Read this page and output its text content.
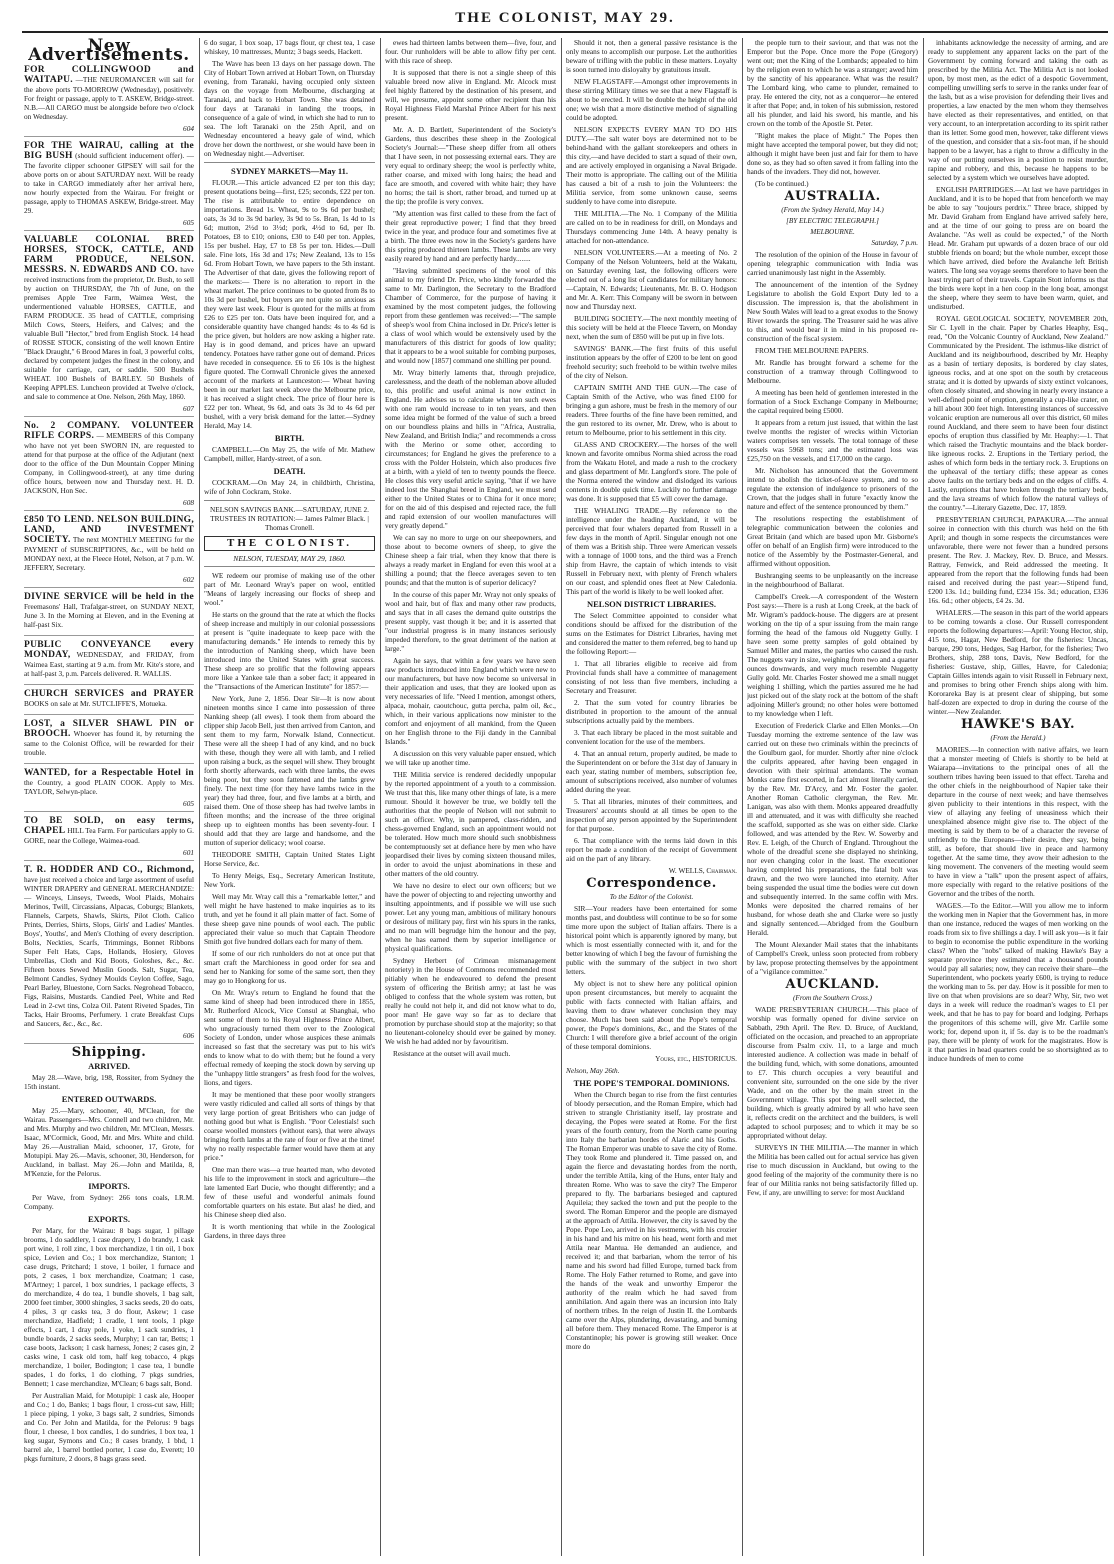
THE COLONIST, MAY 29.
New Advertisements.

FOR COLLINGWOOD and WAITAPU. —THE NEUROMANCER will sail for the above ports TO-MORROW (Wednesday), positively. For freight or passage, apply to T. ASKEW, Bridge-street. N.B.—All CARGO must be alongside before two o'clock on Wednesday.

604

FOR THE WAIRAU, calling at the BIG BUSH (should sufficient inducement offer). —The favorite clipper schooner GIPSEY will sail for the above ports on or about SATURDAY next. Will be ready to take in CARGO immediately after her arrival here, now hourly expected from the Wairau. For freight or passage, apply to THOMAS ASKEW, Bridge-street. May 29.

605

VALUABLE COLONIAL BRED HORSES, STOCK, CATTLE, AND FARM PRODUCE, NELSON. MESSRS. N. EDWARDS AND CO. have received instructions from the proprietor, Dr. Bush, to sell by auction on THURSDAY, the 7th of June, on the premises Apple Tree Farm, Waimea West, the undermentioned valuable HORSES, CATTLE, and FARM PRODUCE. 35 head of CATTLE, comprising Milch Cows, Steers, Heifers, and Calves; and the valuable Bull "Hector," bred from English Stock. 14 head of ROSSE STOCK, consisting of the well known Entire "Black Draught," 6 Brood Mares in foal, 3 powerful colts, declared by competent judges the finest in the colony, and suitable for carriage, cart, or saddle. 500 Bushels WHEAT. 100 Bushels of BARLEY. 50 Bushels of Keeping APPLES. Luncheon provided at Twelve o'clock, and sale to commence at One. Nelson, 26th May, 1860.

607

No. 2 COMPANY. VOLUNTEER RIFLE CORPS. — MEMBERS of this Company who have not yet been SWORN IN, are requested to attend for that purpose at the office of the Adjutant (next door to the office of the Dun Mountain Copper Mining Company, in Collingwood-street), at any time during office hours, between now and Thursday next. H. D. JACKSON, Hon Sec.

608

£850 TO LEND. NELSON BUILDING, LAND, AND INVESTMENT SOCIETY. The next MONTHLY MEETING for the PAYMENT of SUBSCRIPTIONS, &c., will be held on MONDAY next, at the Fleece Hotel, Nelson, at 7 p.m. W. JEFFERY, Secretary.

602

DIVINE SERVICE will be held in the Freemasons' Hall, Trafalgar-street, on SUNDAY NEXT, June 3. In the Morning at Eleven, and in the Evening at half-past Six.

PUBLIC CONVEYANCE every MONDAY, WEDNESDAY, and FRIDAY, from Waimea East, starting at 9 a.m. from Mr. Kite's store, and at half-past 3, p.m. Parcels delivered. R. WALLIS.

CHURCH SERVICES and PRAYER BOOKS on sale at Mr. SUTCLIFFE'S, Motueka.

LOST, a SILVER SHAWL PIN or BROOCH. Whoever has found it, by returning the same to the Colonist Office, will be rewarded for their trouble.

WANTED, for a Respectable Hotel in the Country, a good PLAIN COOK. Apply to Mrs. TAYLOR, Selwyn-place.

605

TO BE SOLD, on easy terms, CHAPEL HILL Tea Farm. For particulars apply to G. GORE, near the College, Waimea-road.

601

T. R. HODDER AND CO., Richmond, have just received a choice and large assortment of useful WINTER DRAPERY and GENERAL MERCHANDIZE:— Winceys, Linseys, Tweeds, Wool Plaids, Mohairs Merinos, Twill, Circassians, Alpacas, Coburgs; Blankets, Flannels, Carpets, Shawls, Skirts, Pilot Cloth. Calico Prints, Derries, Shirts, Slops, Girls' and Ladies' Mantles. Boys', Youths', and Men's Clothing of every description. Bolts, Neckties, Scarfs, Trimmings, Bonnet Ribbons Super Felt Hats, Caps, Hollands, Hosiery, Gloves Umbrellas, Cloth and Kid Boots, Goloshes, &c., &c. Fifteen boxes Sewed Muslin Goods. Salt, Sugar, Tea, Belmont Candles, Sydney Moulds Ceylon Coffee, Sago, Pearl Barley, Bluestone, Corn Sacks. Negrohead Tobacco, Figs, Raisins, Mustards. Candied Peel, White and Red Lead in 2-cwt tins, Colza Oil. Patent Riveted Spades, Tin Tacks, Hair Brooms, Perfumery. 1 crate Breakfast Cups and Saucers, &c., &c., &c.

606
Shipping.
ARRIVED.

May 28.—Wave, brig, 198, Rossiter, from Sydney the 15th instant.

ENTERED OUTWARDS.

May 25.—Mary, schooner, 40, M'Clean, for the Wairau. Passengers—Mrs. Connell and two children, Mr. and Mrs. Murphy and two children, Mr. M'Clean, Messrs. Isaac, M'Cormick, Good, Mr. and Mrs. White and child. May 26.—Australian Maid, schooner, 17, Grote, for Motupipi. May 26.—Mavis, schooner, 30, Henderson, for Auckland, in ballast. May 26.—John and Matilda, 8, M'Kenzie, for the Pelorus.

IMPORTS.

Per Wave, from Sydney: 266 tons coals, I.R.M. Company.

EXPORTS.

Per Mary, for the Wairau: 8 bags sugar, 1 pillage brooms, 1 do saddlery, 1 case drapery, 1 do brandy, 1 cask port wine, 1 roll zinc, 1 box merchandize, 1 tin oil, 1 box spice, Levien and Co.; 1 box merchandize, Stanton; 1 case drugs, Pritchard; 1 stove, 1 boiler, 1 furnace and pots, 2 cases, 1 box merchandize, Coatman; 1 case, M'Artney; 1 parcel, 1 box sundries, 1 package effects, 3 do merchandize, 4 do tea, 1 bundle shovels, 1 bag salt, 2000 feet timber, 3000 shingles, 3 sacks seeds, 20 do oats, 4 piles, 3 qr casks tea, 3 do flour, Askew; 1 case merchandize, Hadfield; 1 cradle, 1 tent tools, 1 pkge effects, 1 cart, 1 dray pole, 1 yoke, 1 sack sundries, 1 bundle boards, 2 sacks seeds, Murphy; 1 can tar, Betts; 1 case boots, Jackson; 1 cask harness, Jones; 2 cases gin, 2 casks wine, 1 cask old tom, half keg tobacco, 4 pkgs merchandize, 1 boiler, Bodington; 1 case tea, 1 bundle spades, 1 do forks, 1 do clothing, 7 pkgs sundries, Bennett; 1 case merchandize, M'Clean; 6 bags salt, Bond.

Per Australian Maid, for Motupipi: 1 cask ale, Hooper and Co.; 1 do, Banks; 1 bags flour, 1 cross-cut saw, Hill; 1 piece piping, 1 yoke, 3 bags salt, 2 sundries, Simonds and Co. Per John and Matilda, for the Pelorus: 9 bags flour, 1 cheese, 1 box candles, 1 do sundries, 1 box tea, 1 keg sugar, Symons and Co.; 8 cases brandy, 1 bhd, 1 barrel ale, 1 barrel bottled porter, 1 case do, Everett; 10 pkgs furniture, 2 doors, 8 bags grass seed.

6 do sugar, 1 box soap, 17 bags flour, qr chest tea, 1 case whiskey, 10 mattresses, Muntz; 3 bags seeds, Hackett.

The Wave has been 13 days on her passage down. The City of Hobart Town arrived at Hobart Town, on Thursday evening, from Taranaki, having occupied only sixteen days on the voyage from Melbourne, discharging at Taranaki, and back to Hobart Town. She was detained four days at Taranaki in landing the troops, in consequence of a gale of wind, in which she had to run to sea. The loft Taranaki on the 25th April, and on Wednesday encountered a heavy gale of wind, which drove her down the northwest, or she would have been in on Wednesday night.—Advertiser.

SYDNEY MARKETS—May 11.

FLOUR.—This article advanced £2 per ton this day; present quotations being—first, £25; seconds, £22 per ton. The rise is attributable to entire dependence on importations. Bread 1s. Wheat, 9s to 9s 6d per bushel; oats, 3s 3d to 3s 9d barley, 3s 9d to 5s. Bran, 1s 4d to 1s 6d; mutton, 2½d to 3½d; pork, 4½d to 6d, per lb. Potatoes, £8 to £10; onions, £30 to £40 per ton. Apples, 15s per bushel. Hay, £7 to £8 5s per ton. Hides.—Dull sale. Fine lots, 16s 3d and 17s; New Zealand, 13s to 15s 6d. From Hobart Town, we have papers to the 5th instant. The Advertiser of that date, gives the following report of the markets:— There is no alteration to report in the wheat market. The price continues to be quoted from 8s to 10s 3d per bushel, but buyers are not quite so anxious as they were last week. Flour is quoted for the mills at from £26 to £25 per ton. Oats have been inquired for, and a considerable quantity have changed hands: 4s to 4s 6d is the price given, but holders are now asking a higher rate. Hay is in good demand, and prices have an upward tendency. Potatoes have rather gone out of demand. Prices have receded in consequence. £6 to £6 10s is the highest figure quoted. The Cornwall Chronicle gives the annexed account of the markets at Launceston:— Wheat having been in our market last week above the Melbourne price, it has received a slight check. The price of flour here is £22 per ton. Wheat, 9s 6d, and oats 3s 3d to 4s 6d per bushel, with a very brisk demand for the latter.—Sydney Herald, May 14.

BIRTH.

CAMPBELL.—On May 25, the wife of Mr. Mathew Campbell, miller, Hardy-street, of a son.

DEATH.

COCKRAM.—On May 24, in childbirth, Christina, wife of John Cockram, Stoke.

NELSON SAVINGS BANK.—SATURDAY, JUNE 2. TRUSTEES IN ROTATION:— James Palmer Black. | Thomas Cronell.

THE COLONIST.
NELSON, TUESDAY, MAY 29, 1860.

WE redeem our promise of making use of the other part of Mr. Leonard Wray's paper on wool, entitled "Means of largely increasing our flocks of sheep and wool."

He starts on the ground that the rate at which the flocks of sheep increase and multiply in our colonial possessions at present is "quite inadequate to keep pace with the manufacturing demands." He intends to remedy this by the introduction of Nanking sheep, which have been introduced into the United States with great success. These sheep are so prolific that the following appears more like a Yankee tale than a sober fact; it appeared in the "Transactions of the American Institute" for 1857:—

New York, June 2, 1856. Dear Sir—It is now about nineteen months since I came into possession of three Nanking sheep (all ewes). I took them from aboard the clipper ship Jacob Bell, just then arrived from Canton, and sent them to my farm, Norwalk Island, Connecticut. These were all the sheep I had of any kind, and no buck with these, though they were all with lamb, and I relied upon raising a buck, as the sequel will shew. They brought forth shortly afterwards, each with three lambs, the ewes being poor, but they soon fattened and the lambs grew finely. The next time (for they have lambs twice in the year) they had three, four, and five lambs at a birth, and raised them. One of those sheep has had twelve lambs in fifteen months; and the increase of the three original sheep up to eighteen months has been seventy-four. I should add that they are large and handsome, and the mutton of superior delicacy; wool coarse.

THEODORE SMITH, Captain United States Light Horse Service, &c.

To Henry Meigs, Esq., Secretary American Institute, New York.

Well may Mr. Wray call this a "remarkable letter," and well might he have hastened to make inquiries as to its truth, and yet he found it all plain matter of fact. Some of these sheep gave nine pounds of wool each. The public appreciated their value so much that Captain Theodore Smith got five hundred dollars each for many of them.

If some of our rich runholders do not at once put that smart craft the Marchioness in good order for sea and send her to Nanking for some of the same sort, then they may go to Hongkong for us.

On Mr. Wray's return to England he found that the same kind of sheep had been introduced there in 1855, Mr. Rutherford Alcock, Vice Consul at Shanghai, who sent some of them to his Royal Highness Prince Albert, who ungraciously turned them over to the Zoological Society of London, under whose auspices these animals increased so fast that the secretary was put to his wit's ends to know what to do with them; but he found a very effectual remedy of keeping the stock down by serving up the "unhappy little strangers" as fresh food for the wolves, lions, and tigers.

It may be mentioned that these poor woolly strangers were vastly ridiculed and called all sorts of things by that very large portion of great Britishers who can judge of nothing good but what is English. "Poor Celestials! such coarse woolled monsters (without ears), that were always bringing forth lambs at the rate of four or five at the time! why no really respectable farmer would have them at any price."

One man there was—a true hearted man, who devoted his life to the improvement in stock and agriculture—the late lamented Earl Ducie, who thought differently; and a few of these useful and wonderful animals found comfortable quarters on his estate. But alas! he died, and his Chinese sheep died also.

It is worth mentioning that while in the Zoological Gardens, in three days three

ewes had thirteen lambs between them—five, four, and four. Our runholders will be able to allow fifty per cent. with this race of sheep.

It is supposed that there is not a single sheep of this valuable breed now alive in England. Mr. Alcock must feel highly flattered by the destination of his present, and will, we presume, appoint some other recipient than his Royal Highness Field Marshal Prince Albert for his next present.

Mr. A. D. Bartlett, Superintendent of the Society's Gardens, thus describes these sheep in the Zoological Society's Journal:—"These sheep differ from all others that I have seen, in not possessing external ears. They are very equal to ordinary sheep; the wool is perfectly white, rather coarse, and mixed with long hairs; the head and face are smooth, and covered with white hair; they have no horns; the tail is short, rather broad, and turned up at the tip; the profile is very convex.

"My attention was first called to these from the fact of their great reproductive power; I find that they breed twice in the year, and produce four and sometimes five at a birth. The three ewes now in the Society's gardens have this spring produced thirteen lambs. These lambs are very easily reared by hand and are perfectly hardy........

"Having submitted specimens of the wool of this animal to my friend Dr. Price, who kindly forwarded the same to Mr. Darlington, the Secretary to the Bradford Chamber of Commerce, for the purpose of having it examined by the most competent judges, the following report from these gentlemen was received:—"The sample of sheep's wool from China inclosed in Dr. Price's letter is a class of wool which would be extensively used by the manufacturers of this district for goods of low quality; that it appears to be a wool suitable for combing purposes, and would now [1857] command one shilling per pound.

Mr. Wray bitterly laments that, through prejudice, carelessness, and the death of the nobleman above alluded to, this prolific and useful animal is now extinct in England. He advises us to calculate what ten such ewes with one ram would increase to in ten years, and then some idea might be formed of the value of such a breed on our boundless plains and hills in "Africa, Australia, New Zealand, and British India;" and recommends a cross with the Merino or some other, according to circumstances; for England he gives the preference to a cross with the Polder Holstein, which also produces five at a birth, with a yield of ten to twenty pounds the fleece. He closes this very useful article saying, "that if we have indeed lost the Shanghai breed in England, we must send either to the United States or to China for it once more; for on the aid of this despised and rejected race, the full and rapid extension of our woollen manufactures will very greatly depend."

We can say no more to urge on our sheepowners, and those about to become owners of sheep, to give the Chinese sheep a fair trial, when they know that there is always a ready market in England for even this wool at a shilling a pound; that the fleece averages seven to ten pounds; and that the mutton is of superior delicacy?

In the course of this paper Mr. Wray not only speaks of wool and hair, but of flax and many other raw products, and says that in all cases the demand quite outstrips the present supply, vast though it be; and it is asserted that "our industrial progress is in many instances seriously impeded therefore, to the great detriment of the nation at large."

Again he says, that within a few years we have seen raw products introduced into England which were new to our manufacturers, but have now become so universal in their application and uses, that they are looked upon as very necessaries of life. "Need I mention, amongst others, alpaca, mohair, caoutchouc, gutta percha, palm oil, &c., which, in their various applications now minister to the comfort and enjoyment of all mankind, from the Queen on her English throne to the Fiji dandy in the Cannibal Islands."

A discussion on this very valuable paper ensued, which we will take up another time.

THE Militia service is rendered decidedly unpopular by the reported appointment of a youth to a commission. We trust that this, like many other things of late, is a mere rumour. Should it however be true, we boldly tell the authorities that the people of Nelson will not submit to such an officer. Why, in pampered, class-ridden, and chess-governed England, such an appointment would not be tolerated. How much more should such snobbishness be contemptuously set at defiance here by men who have jeopardised their lives by coming sixteen thousand miles, in order to avoid the unjust abominations in these and other matters of the old country.

We have no desire to elect our own officers; but we have the power of objecting to and rejecting unworthy and insulting appointments, and if possible we will use such power. Let any young man, ambitious of military honours or desirous of military pay, first win his spurs in the ranks, and no man will begrudge him the honour and the pay, when he has earned them by superior intelligence or physical qualifications.

Sydney Herbert (of Crimean mismanagement notoriety) in the House of Commons recommended most pitiably when he endeavoured to defend the present system of officering the British army; at last he was obliged to confess that the whole system was rotten, but really he could not help it, and did not know what to do, poor man! He gave way so far as to declare that promotion by purchase should stop at the majority; so that no lieutenant-colonelcy should ever be gained by money. We wish he had added nor by favouritism.

Resistance at the outset will avail much.

Should it not, then a general passive resistance is the only means to accomplish our purpose. Let the authorities beware of trifling with the public in these matters. Loyalty is soon turned into disloyalty by gratuitous insult.

NEW FLAGSTAFF.—Amongst other improvements in these stirring Military times we see that a new Flagstaff is about to be erected. It will be double the height of the old one; we wish that a more distinctive method of signalling could be adopted.

NELSON EXPECTS EVERY MAN TO DO HIS DUTY.—The salt water boys are determined not to be behind-hand with the gallant storekeepers and others in this city,—and have decided to start a squad of their own, and are actively employed in organising a Naval Brigade. Their motto is appropriate. The calling out of the Militia has caused a bit of a rush to join the Volunteers: the Militia service, from some unknown cause, seems suddenly to have come into disrepute.

THE MILITIA.—The No. 1 Company of the Militia are called on to be in readiness for drill, on Mondays and Thursdays commencing June 14th. A heavy penalty is attached for non-attendance.

NELSON VOLUNTEERS.—At a meeting of No. 2 Company of the Nelson Volunteers, held at the Wakatu, on Saturday evening last, the following officers were elected out of a long list of candidates for military honors:—Captain, N. Edwards; Lieutenants, Mr. B. O. Hodgson and Mr. A. Kerr. This Company will be sworn in between now and Thursday next.

BUILDING SOCIETY.—The next monthly meeting of this society will be held at the Fleece Tavern, on Monday next, when the sum of £850 will be put up in five lots.

SAVINGS' BANK.—The first fruits of this useful institution appears by the offer of £200 to be lent on good freehold security; such freehold to be within twelve miles of the city of Nelson.

CAPTAIN SMITH AND THE GUN.—The case of Captain Smith of the Active, who was fined £100 for bringing a gun ashore, must be fresh in the memory of our readers. Three fourths of the fine have been remitted, and the gun restored to its owner, Mr. Drew, who is about to return to Melbourne, prior to his settlement in this city.

GLASS AND CROCKERY.—The horses of the well known and favorite omnibus Norma shied across the road from the Wakatu Hotel, and made a rush to the crockery and glass department of Mr. Langford's store. The pole of the Norma entered the window and dislodged its various contents in double quick time. Luckily no further damage was done. It is supposed that £5 will cover the damage.

THE WHALING TRADE.—By reference to the intelligence under the heading Auckland, it will be perceived that four whalers departed from Russell in a few days in the month of April. Singular enough not one of them was a British ship. Three were American vessels with a tonnage of 1000 tons, and the third was a French ship from Havre, the captain of which intends to visit Russell in February next, with plenty of French whalers on our coast, and splendid ones fleet at New Caledonia. This part of the world is likely to be well looked after.

NELSON DISTRICT LIBRARIES.

The Select Committee appointed to consider what conditions should be affixed for the distribution of the sums on the Estimates for District Libraries, having met and considered the matter to them referred, beg to hand up the following Report:—

1. That all libraries eligible to receive aid from Provincial funds shall have a committee of management consisting of not less than five members, including a Secretary and Treasurer.

2. That the sum voted for country libraries be distributed in proportion to the amount of the annual subscriptions actually paid by the members.

3. That each library be placed in the most suitable and convenient location for the use of the members.

4. That an annual return, properly audited, be made to the Superintendent on or before the 31st day of January in each year, stating number of members, subscription fee, amount of subscriptions received, also number of volumes added during the year.

5. That all libraries, minutes of their committees, and Treasurers' accounts should at all times be open to the inspection of any person appointed by the Superintendent for that purpose.

6. That compliance with the terms laid down in this report be made a condition of the receipt of Government aid on the part of any library.

W. WELLS, Chairman.

Correspondence.
To the Editor of the Colonist.

SIR—Your readers have been entertained for some months past, and doubtless will continue to be so for some time more upon the subject of Italian affairs. There is a historical point which is apparently ignored by many, but which is most essentially connected with it, and for the better knowing of which I beg the favour of furnishing the public with the summary of the subject in two short letters.

My object is not to shew here any political opinion upon present circumstances, but merely to acquaint the public with facts connected with Italian affairs, and leaving them to draw whatever conclusion they may choose. Much has been said about the Pope's temporal power, the Pope's dominions, &c., and the States of the Church: I will therefore give a brief account of the origin of these temporal dominions.

Yours, etc., HISTORICUS.

Nelson, May 26th.

THE POPE'S TEMPORAL DOMINIONS.

When the Church began to rise from the first centuries of bloody persecution, and the Roman Empire, which had striven to strangle Christianity itself, lay prostrate and decaying, the Popes were seated at Rome. For the first years of the fourth century, from the North came pouring into Italy the barbarian hordes of Alaric and his Goths. The Roman Emperor was unable to save the city of Rome. They took Rome and plundered it. Time passed on, and again the fierce and devastating hordes from the north, under the terrible Attila, king of the Huns, enter Italy and threaten Rome. Who was to save the city? The Emperor prepared to fly. The barbarians besieged and captured Aquileia; they sacked the town and put the people to the sword. The Roman Emperor and the people are dismayed at the approach of Attila. However, the city is saved by the Pope. Pope Leo, arrived in his vestments, with his crozier in his hand and his mitre on his head, went forth and met Attila near Mantua. He demanded an audience, and received it; and that barbarian, whom the terror of his name and his sword had filled Europe, turned back from Rome. The Holy Father returned to Rome, and gave into the hands of the weak and unworthy Emperor the authority of the realm which he had saved from annihilation. And again there was an incursion into Italy of northern tribes. In the reign of Justin II. the Lombards came over the Alps, plundering, devastating, and burning all before them. They menaced Rome. The Emperor is at Constantinople; his power is growing still weaker. Once more do

the people turn to their saviour, and that was not the Emperor but the Pope. Once more the Pope (Gregory) went out; met the King of the Lombards; appealed to him by the religion even to which he was a stranger; awed him by the sanctity of his appearance. What was the result? The Lombard king, who came to plunder, remained to pray. He entered the city, not as a conqueror—he entered it after that Pope; and, in token of his submission, restored all his plunder, and laid his sword, his mantle, and his crown on the tomb of the Apostle St. Peter.

"Right makes the place of Might." The Popes then might have accepted the temporal power, but they did not; although it might have been just and fair for them to have done so, as they had so often saved it from falling into the hands of the invaders. They did not, however.

(To be continued.)

AUSTRALIA.
(From the Sydney Herald, May 14.)
[BY ELECTRIC TELEGRAPH.]
MELBOURNE.
Saturday, 7 p.m.

The resolution of the opinion of the House in favour of opening telegraphic communication with India was carried unanimously last night in the Assembly.

The announcement of the intention of the Sydney Legislature to abolish the Gold Export Duty led to a discussion. The impression is, that the abolishment in New South Wales will lead to a great exodus to the Snowy River towards the spring. The Treasurer said he was alive to this, and would bear it in mind in his proposed re-construction of the fiscal system.

FROM THE MELBOURNE PAPERS.

Mr. Randle has brought forward a scheme for the construction of a tramway through Collingwood to Melbourne.

A meeting has been held of gentlemen interested in the formation of a Stock Exchange Company in Melbourne; the capital required being £5000.

It appears from a return just issued, that within the last twelve months the register of wrecks within Victorian waters comprises ten vessels. The total tonnage of these vessels was 5968 tons; and the estimated loss was £25,750 on the vessels, and £17,000 on the cargo.

Mr. Nicholson has announced that the Government intend to abolish the ticket-of-leave system, and to so regulate the extension of indulgence to prisoners of the Crown, that the judges shall in future "exactly know the nature and effect of the sentence pronounced by them."

The resolutions respecting the establishment of telegraphic communication between the colonies and Great Britain (and which are based upon Mr. Gisborne's offer on behalf of an English firm) were introduced to the notice of the Assembly by the Postmaster-General, and affirmed without opposition.

Bushranging seems to be unpleasantly on the increase in the neighbourhood of Ballarat.

Campbell's Creek.—A correspondent of the Western Post says:—There is a rush at Long Creek, at the back of Mr. Wigram's paddock-house. The diggers are at present working on the tip of a spur issuing from the main range forming the head of the famous old Nuggetty Gully. I have seen some pretty samples of gold obtained by Samuel Miller and mates, the parties who caused the rush. The nuggets vary in size, weighing from two and a quarter ounces downwards, and very much resemble Nuggetty Gully gold. Mr. Charles Foster showed me a small nugget weighing 1 shilling, which the parties assured me he had just picked out of the slaty rock at the bottom of the shaft adjoining Miller's ground; no other holes were bottomed to my knowledge when I left.

Execution of Frederick Clarke and Ellen Monks.—On Tuesday morning the extreme sentence of the law was carried out on these two criminals within the precincts of the Goulburn gaol, for murder. Shortly after nine o'clock the culprits appeared, after having been engaged in devotion with their spiritual attendants. The woman Monks came first escorted, in fact almost literally carried, by the Rev. Mr. D'Arcy, and Mr. Foster the gaoler. Another Roman Catholic clergyman, the Rev. Mr. Lanigan, was also with them. Monks appeared dreadfully ill and attenuated, and it was with difficulty she reached the scaffold, supported as she was on either side. Clarke followed, and was attended by the Rev. W. Sowerby and Rev. E. Leigh, of the Church of England. Throughout the whole of the dreadful scene she displayed no shrinking, nor even changing color in the least. The executioner having completed his preparations, the fatal bolt was drawn, and the two were launched into eternity. After being suspended the usual time the bodies were cut down and subsequently interred. In the same coffin with Mrs. Monks were deposited the charred remains of her husband, for whose death she and Clarke were so justly and signally sentenced.—Abridged from the Goulburn Herald.

The Mount Alexander Mail states that the inhabitants of Campbell's Creek, unless soon protected from robbery by law, propose protecting themselves by the appointment of a "vigilance committee."

AUCKLAND.
(From the Southern Cross.)

WADE PRESBYTERIAN CHURCH.—This place of worship was formally opened for divine service on Sabbath, 29th April. The Rev. D. Bruce, of Auckland, officiated on the occasion, and preached to an appropriate discourse from Psalm cxiv. 11, to a large and much interested audience. A collection was made in behalf of the building fund, which, with some donations, amounted to £7. This church occupies a very beautiful and convenient site, surrounded on the one side by the river Wade, and on the other by the main street in the Government village. This spot being well selected, the building, which is greatly admired by all who have seen it, reflects credit on the architect and the builders, is well adapted to school purposes; and to which it may be so appropriated without delay.

SURVEYS IN THE MILITIA.—The manner in which the Militia has been called out for actual service has given rise to much discussion in Auckland, but owing to the good feeling of the majority of the community there is no fear of our Militia ranks not being satisfactorily filled up. Few, if any, are unwilling to serve: for most Auckland

inhabitants acknowledge the necessity of arming, and are ready to supplement any apparent lacks on the part of the Government by coming forward and taking the oath as prescribed by the Militia Act. The Militia Act is not looked upon, by most men, as the edict of a despotic Government, compelling unwilling serfs to serve in the ranks under fear of the lash, but as a wise provision for defending their lives and properties, a law enacted by the men whom they themselves have elected as their representatives, and entitled, on that very account, to an interpretation according to its spirit rather than its letter. Some good men, however, take different views of the question, and consider that a six-foot man, if he should happen to be a lawyer, has a right to throw a difficulty in the way of our putting ourselves in a position to resist murder, rapine and robbery, and this, because he happens to be selected by a system which we ourselves have adopted.

ENGLISH PARTRIDGES.—At last we have partridges in Auckland, and it is to be hoped that from henceforth we may be able to say "toujours perdrix." Three brace, shipped by Mr. David Graham from England have arrived safely here, and at the time of our going to press are on board the Avalanche. "As well as could be expected," of the North Head. Mr. Graham put upwards of a dozen brace of our old stubble friends on board; but the whole number, except those which have arrived, died before the Avalanche left British waters. The long sea voyage seems therefore to have been the least trying part of their travels. Captain Stott informs us that the birds were kept in a hen coop in the long boat, amongst the sheep, where they seem to have been warm, quiet, and undisturbed.

ROYAL GEOLOGICAL SOCIETY, NOVEMBER 20th, Sir C. Lyell in the chair. Paper by Charles Heaphy, Esq., read, "On the Volcanic Country of Auckland, New Zealand." Communicated by the President. The isthmus-like district of Auckland and its neighbourhood, described by Mr. Heaphy as a basin of tertiary deposits, is bordered by clay slates, igneous rocks, and at one spot on the south by cretaceous strata; and it is dotted by upwards of sixty extinct volcanoes, often closely situated, and showing in nearly every instance a well-defined point of eruption, generally a cup-like crater, on a hill about 300 feet high. Interesting instances of successive volcanic eruption are numerous all over this district, 60 miles round Auckland, and there seem to have been four distinct epochs of eruption thus classified by Mr. Heaphy:—1. That which raised the Trachytic mountains and the black border-like igneous rocks. 2. Eruptions in the Tertiary period, the ashes of which form beds in the tertiary rock. 3. Eruptions on the upheaval of the tertiary cliffs; these appear as cones above faults on the tertiary beds and on the edges of cliffs. 4. Lastly, eruptions that have broken through the tertiary beds, and the lava streams of which follow the natural valleys of the country."—Literary Gazette, Dec. 17, 1859.

PRESBYTERIAN CHURCH, PAPAKURA.—The annual soiree in connection with this church was held on the 6th April; and though in some respects the circumstances were unfavorable, there were not fewer than a hundred persons present. The Rev. J. Mackey, Rev. D. Bruce, and Messrs. Rattray, Fenwick, and Reid addressed the meeting. It appeared from the report that the following funds had been raised and received during the past year:—Stipend fund, £200 13s. 1d.; building fund, £234 15s. 3d.; education, £336 16s. 6d.; other objects, £4 2s. 3d.

WHALERS.—The season in this part of the world appears to be coming towards a close. Our Russell correspondent reports the following departures:—April: Young Hector, ship, 415 tons, Hagar, New Bedford, for the fisheries: Uncas, barque, 290 tons, Hedges, Sag Harbor, for the fisheries; Two Brothers, ship, 288 tons, Davis, New Bedford, for the fisheries: Gustave, ship, Gilles, Havre, for Caledonia; Captain Gilles intends again to visit Russell in February next, and promises to bring other French ships along with him. Kororareka Bay is at present clear of shipping, but some half-dozen are expected to drop in during the course of the winter.—New Zealander.

HAWKE'S BAY.
(From the Herald.)

MAORIES.—In connection with native affairs, we learn that a monster meeting of Chiefs is shortly to be held at Waiarapa—invitations to the principal ones of all the southern tribes having been issued to that effect. Tareha and the other chiefs in the neighbourhood of Napier take their departure in the course of next week; and have themselves given publicity to their intentions in this respect, with the view of allaying any feeling of uneasiness which their unexplained absence might give rise to. The object of the meeting is said by them to be of a character the reverse of unfriendly to the Europeans—their desire, they say, being still, as before, that should live in peace and harmony together. At the same time, they avow their adhesion to the king movement. The conveners of the meeting would seem to have in view a "talk" upon the present aspect of affairs, more especially with regard to the relative positions of the Governor and the tribes of the north.

WAGES.—To the Editor.—Will you allow me to inform the working men in Napier that the Government has, in more than one instance, reduced the wages of men working on the roads from six to five shillings a day. I will ask you—is it fair to begin to economise the public expenditure in the working class? When the "nobs" talked of making Hawke's Bay a separate province they estimated that a thousand pounds would pay all salaries; now, they can receive their share—the Superintendent, who pockets yearly £600, is trying to reduce the working man to 5s. per day. How is it possible for men to live on that when provisions are so dear? Why, Sir, two wet days in a week will reduce the roadman's wages to £1 per week, and that he has to pay for board and lodging. Perhaps the progenitors of this scheme will, give Mr. Carlile some work; for, depend upon it, if 5s. day is to be the roadman's pay, there will be plenty of work for the magistrates. How is it that parties in head quarters could be so shortsighted as to induce hundreds of men to come
